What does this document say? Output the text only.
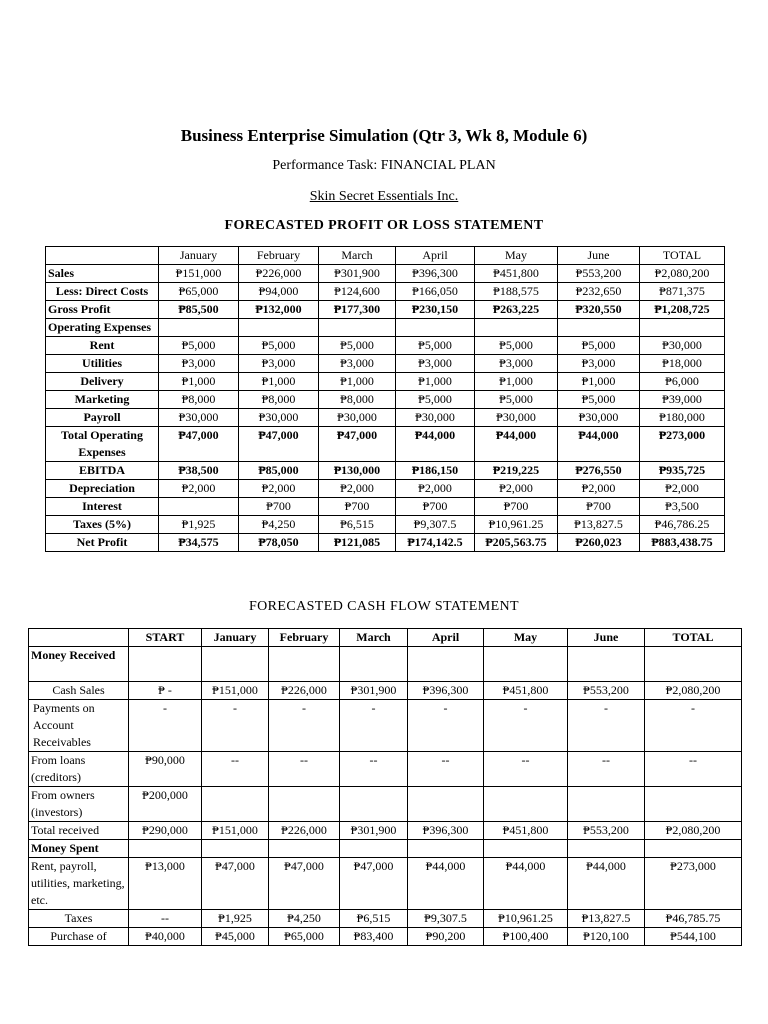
Business Enterprise Simulation (Qtr 3, Wk 8, Module 6)
Performance Task: FINANCIAL PLAN
Skin Secret Essentials Inc.
FORECASTED PROFIT OR LOSS STATEMENT
	January	February	March	April	May	June	TOTAL
Sales	₱151,000	₱226,000	₱301,900	₱396,300	₱451,800	₱553,200	₱2,080,200
Less: Direct Costs	₱65,000	₱94,000	₱124,600	₱166,050	₱188,575	₱232,650	₱871,375
Gross Profit	₱85,500	₱132,000	₱177,300	₱230,150	₱263,225	₱320,550	₱1,208,725
Operating Expenses							
Rent	₱5,000	₱5,000	₱5,000	₱5,000	₱5,000	₱5,000	₱30,000
Utilities	₱3,000	₱3,000	₱3,000	₱3,000	₱3,000	₱3,000	₱18,000
Delivery	₱1,000	₱1,000	₱1,000	₱1,000	₱1,000	₱1,000	₱6,000
Marketing	₱8,000	₱8,000	₱8,000	₱5,000	₱5,000	₱5,000	₱39,000
Payroll	₱30,000	₱30,000	₱30,000	₱30,000	₱30,000	₱30,000	₱180,000
Total Operating Expenses	₱47,000	₱47,000	₱47,000	₱44,000	₱44,000	₱44,000	₱273,000
EBITDA	₱38,500	₱85,000	₱130,000	₱186,150	₱219,225	₱276,550	₱935,725
Depreciation	₱2,000	₱2,000	₱2,000	₱2,000	₱2,000	₱2,000	₱2,000
Interest		₱700	₱700	₱700	₱700	₱700	₱3,500
Taxes (5%)	₱1,925	₱4,250	₱6,515	₱9,307.5	₱10,961.25	₱13,827.5	₱46,786.25
Net Profit	₱34,575	₱78,050	₱121,085	₱174,142.5	₱205,563.75	₱260,023	₱883,438.75
FORECASTED CASH FLOW STATEMENT
	START	January	February	March	April	May	June	TOTAL
Money Received								
Cash Sales	₱ -	₱151,000	₱226,000	₱301,900	₱396,300	₱451,800	₱553,200	₱2,080,200
Payments on Account Receivables	-	-	-	-	-	-	-	-
From loans (creditors)	₱90,000	--	--	--	--	--	--	--
From owners (investors)	₱200,000							
Total received	₱290,000	₱151,000	₱226,000	₱301,900	₱396,300	₱451,800	₱553,200	₱2,080,200
Money Spent								
Rent, payroll, utilities, marketing, etc.	₱13,000	₱47,000	₱47,000	₱47,000	₱44,000	₱44,000	₱44,000	₱273,000
Taxes	--	₱1,925	₱4,250	₱6,515	₱9,307.5	₱10,961.25	₱13,827.5	₱46,785.75
Purchase of	₱40,000	₱45,000	₱65,000	₱83,400	₱90,200	₱100,400	₱120,100	₱544,100
